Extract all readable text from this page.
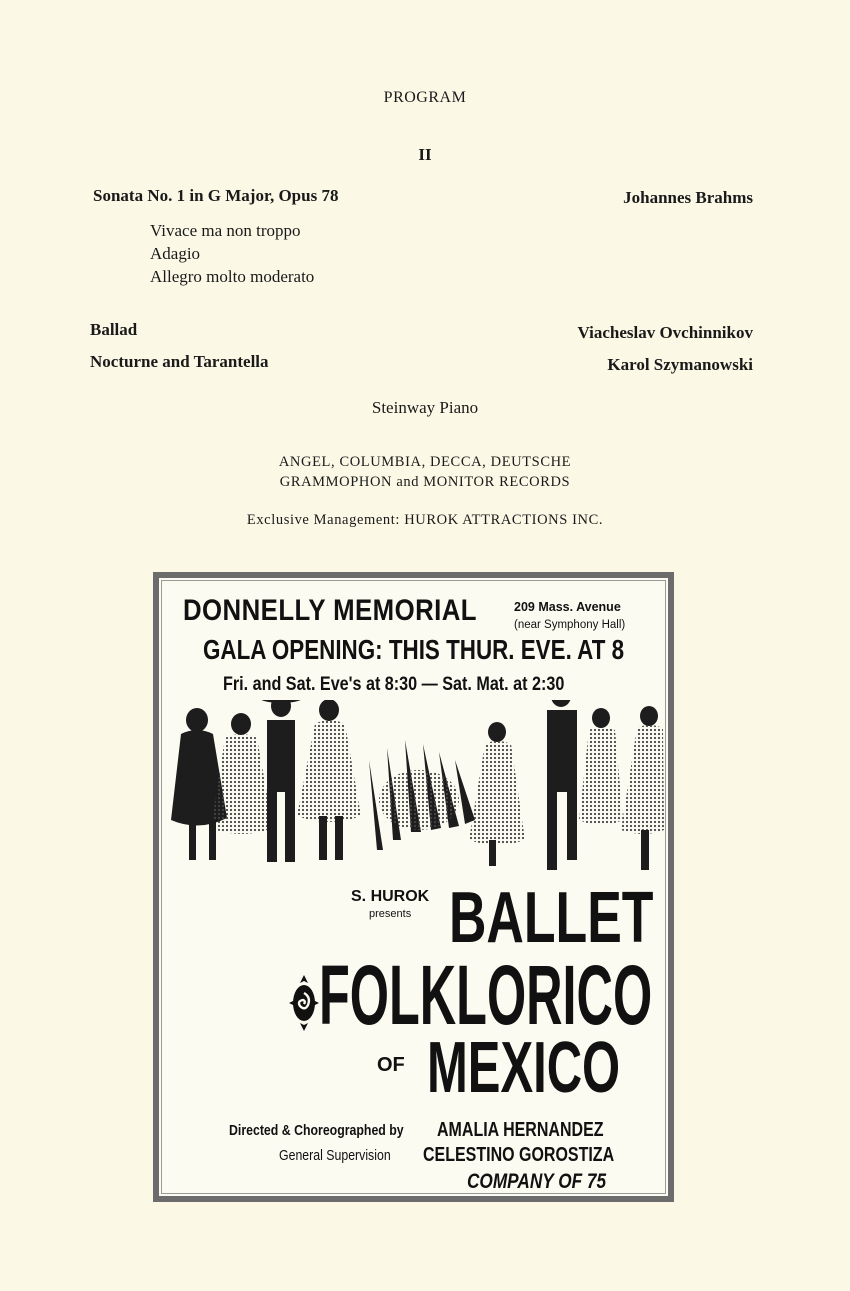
PROGRAM
II
Sonata No. 1 in G Major, Opus 78	Johannes Brahms
Vivace ma non troppo
Adagio
Allegro molto moderato
Ballad	Viacheslav Ovchinnikov
Nocturne and Tarantella	Karol Szymanowski
Steinway Piano
ANGEL, COLUMBIA, DECCA, DEUTSCHE
GRAMMOPHON and MONITOR RECORDS
Exclusive Management: HUROK ATTRACTIONS INC.
DONNELLY MEMORIAL	209 Mass. Avenue
(near Symphony Hall)
GALA OPENING: THIS THUR. EVE. AT 8
Fri. and Sat. Eve's at 8:30 — Sat. Mat. at 2:30
S. HUROK
presents BALLET
FOLKLORICO
OF MEXICO
Directed & Choreographed by AMALIA HERNANDEZ
General Supervision CELESTINO GOROSTIZA
COMPANY OF 75
